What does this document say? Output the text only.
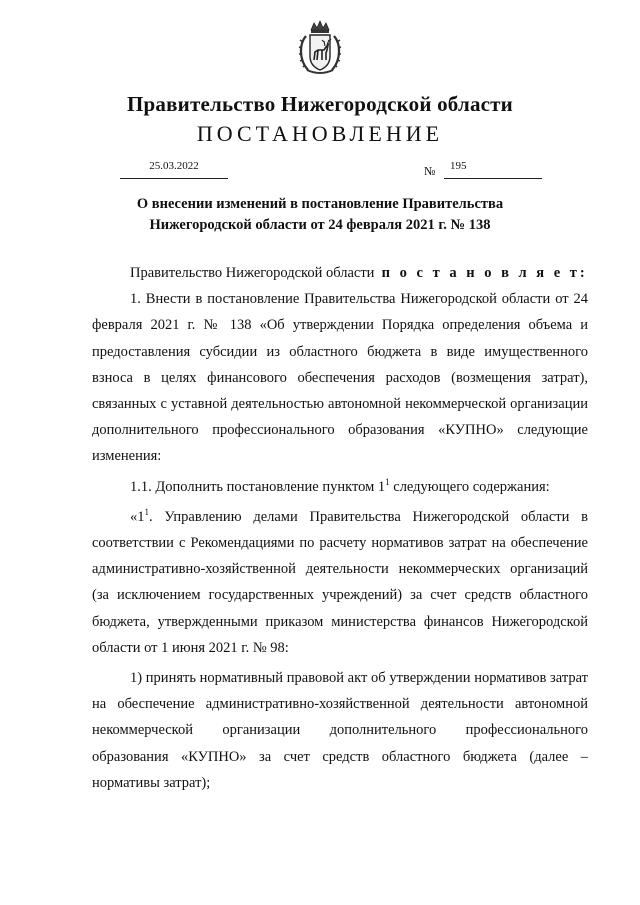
Правительство Нижегородской области
ПОСТАНОВЛЕНИЕ
25.03.2022	№	195
О внесении изменений в постановление Правительства
Нижегородской области от 24 февраля 2021 г. № 138

Правительство Нижегородской области п о с т а н о в л я е т:

1. Внести в постановление Правительства Нижегородской области от 24 февраля 2021 г. № 138 «Об утверждении Порядка определения объема и предоставления субсидии из областного бюджета в виде имущественного взноса в целях финансового обеспечения расходов (возмещения затрат), связанных с уставной деятельностью автономной некоммерческой организации дополнительного профессионального образования «КУПНО» следующие изменения:

1.1. Дополнить постановление пунктом $1^1$ следующего содержания:

«$1^1$. Управлению делами Правительства Нижегородской области в соответствии с Рекомендациями по расчету нормативов затрат на обеспечение административно-хозяйственной деятельности некоммерческих организаций (за исключением государственных учреждений) за счет средств областного бюджета, утвержденными приказом министерства финансов Нижегородской области от 1 июня 2021 г. № 98:

1) принять нормативный правовой акт об утверждении нормативов затрат на обеспечение административно-хозяйственной деятельности автономной некоммерческой организации дополнительного профессионального образования «КУПНО» за счет средств областного бюджета (далее – нормативы затрат);
